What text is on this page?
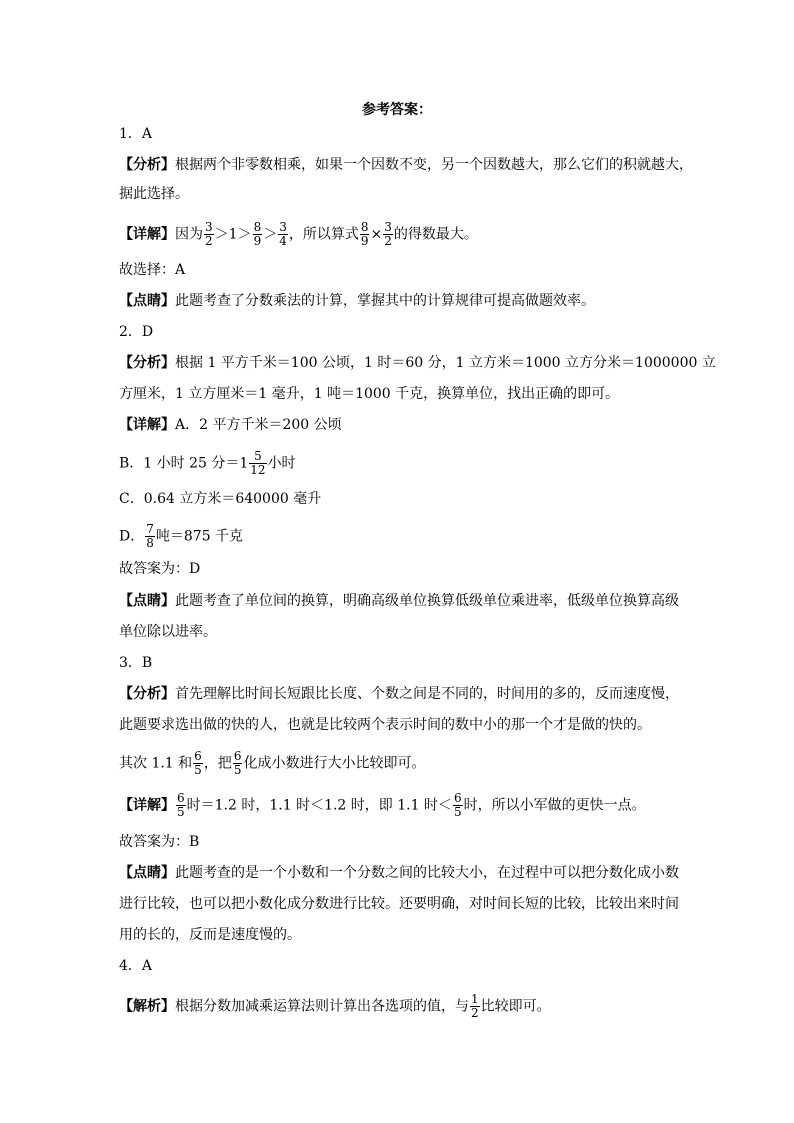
参考答案：
1．A
【分析】根据两个非零数相乘，如果一个因数不变，另一个因数越大，那么它们的积就越大，
据此选择。
【详解】因为 $\frac{3}{2} >1> \frac{8}{9} > \frac{3}{4}$ ，所以算式 $\frac{8}{9} \times \frac{3}{2}$ 的得数最大。
故选择：A
【点睛】此题考查了分数乘法的计算，掌握其中的计算规律可提高做题效率。
2．D
【分析】根据 1 平方千米＝100 公顷，1 时＝60 分，1 立方米＝1000 立方分米＝1000000 立
方厘米，1 立方厘米＝1 毫升，1 吨＝1000 千克，换算单位，找出正确的即可。
【详解】A．2 平方千米＝200 公顷
B．1 小时 25 分$=1 \frac{5}{12}$ 小时
C．0.64 立方米＝640000 毫升
D． $\frac{7}{8}$ 吨＝875 千克
故答案为：D
【点睛】此题考查了单位间的换算，明确高级单位换算低级单位乘进率，低级单位换算高级
单位除以进率。
3．B
【分析】首先理解比时间长短跟比长度、个数之间是不同的，时间用的多的，反而速度慢，
此题要求选出做的快的人，也就是比较两个表示时间的数中小的那一个才是做的快的。
其次 1.1 和 $\frac{6}{5}$ ，把 $\frac{6}{5}$ 化成小数进行大小比较即可。
【详解】 $\frac{6}{5}$ 时＝1.2 时，1.1 时＜1.2 时，即 1.1 时＜ $\frac{6}{5}$ 时，所以小军做的更快一点。
故答案为：B
【点睛】此题考查的是一个小数和一个分数之间的比较大小，在过程中可以把分数化成小数
进行比较，也可以把小数化成分数进行比较。还要明确，对时间长短的比较，比较出来时间
用的长的，反而是速度慢的。
4．A
【解析】根据分数加减乘运算法则计算出各选项的值，与 $\frac{1}{2}$ 比较即可。
